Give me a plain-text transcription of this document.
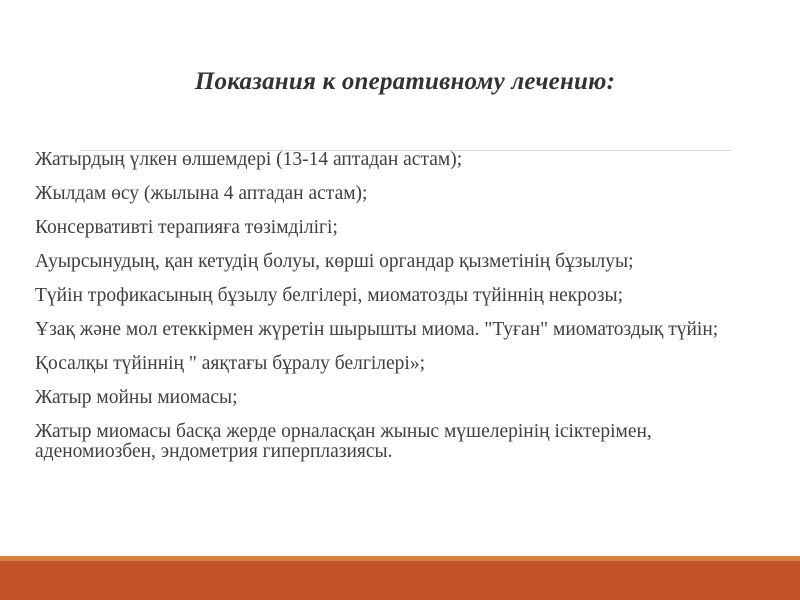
Показания к оперативному лечению:
Жатырдың үлкен өлшемдері (13-14 аптадан астам);
Жылдам өсу (жылына 4 аптадан астам);
Консервативті терапияға төзімділігі;
Ауырсынудың, қан кетудің болуы, көрші органдар қызметінің бұзылуы;
Түйін трофикасының бұзылу белгілері, миоматозды түйіннің некрозы;
Ұзақ және мол етеккірмен жүретін шырышты миома. "Туған" миоматоздық түйін;
Қосалқы түйіннің " аяқтағы бұралу белгілері»;
Жатыр мойны миомасы;
Жатыр миомасы басқа жерде орналасқан жыныс мүшелерінің ісіктерімен, аденомиозбен, эндометрия гиперплазиясы.
